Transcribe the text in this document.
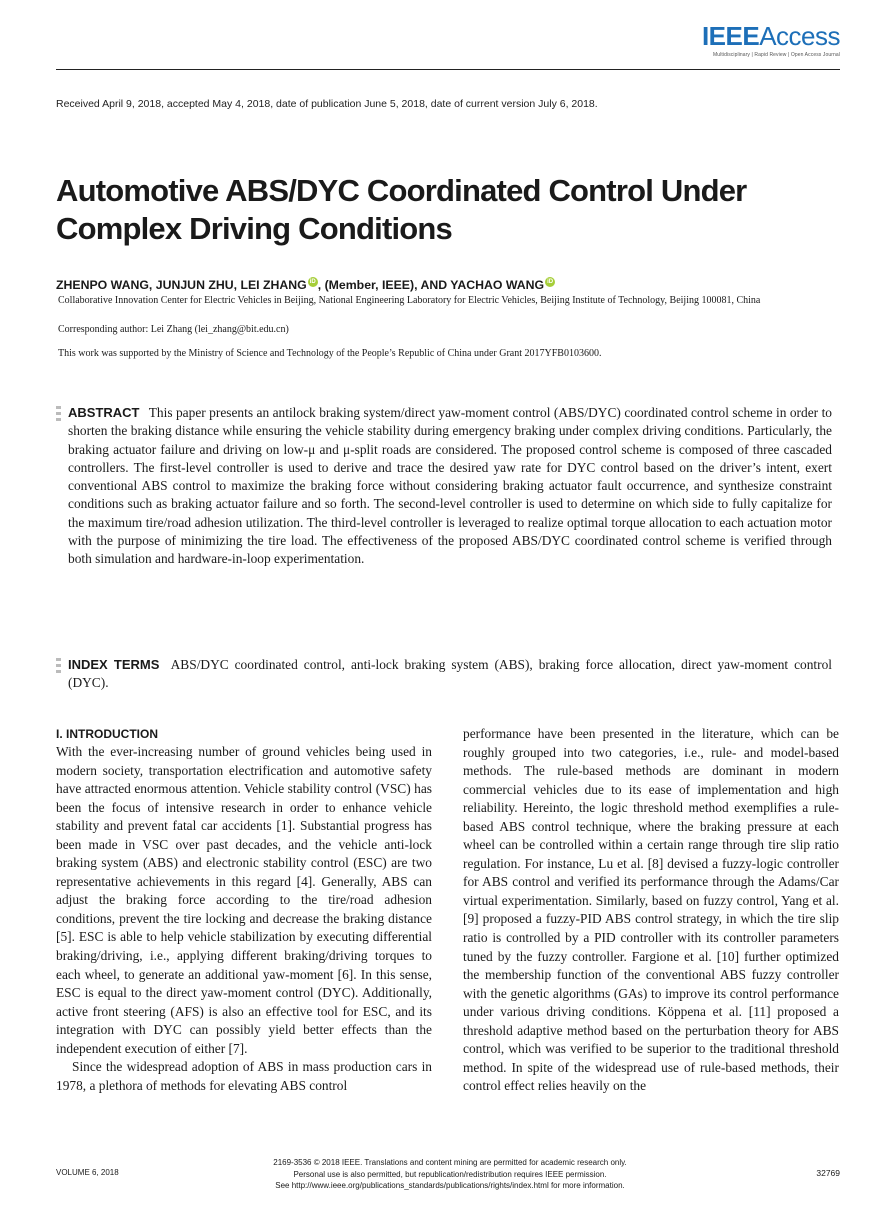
IEEEAccess
Multidisciplinary | Rapid Review | Open Access Journal
Received April 9, 2018, accepted May 4, 2018, date of publication June 5, 2018, date of current version July 6, 2018.
Automotive ABS/DYC Coordinated Control Under Complex Driving Conditions
ZHENPO WANG, JUNJUN ZHU, LEI ZHANG iD , (Member, IEEE), AND YACHAO WANG iD
Collaborative Innovation Center for Electric Vehicles in Beijing, National Engineering Laboratory for Electric Vehicles, Beijing Institute of Technology, Beijing 100081, China
Corresponding author: Lei Zhang (lei_zhang@bit.edu.cn)
This work was supported by the Ministry of Science and Technology of the People’s Republic of China under Grant 2017YFB0103600.
ABSTRACT This paper presents an antilock braking system/direct yaw-moment control (ABS/DYC) coordinated control scheme in order to shorten the braking distance while ensuring the vehicle stability during emergency braking under complex driving conditions. Particularly, the braking actuator failure and driving on low-μ and μ-split roads are considered. The proposed control scheme is composed of three cascaded controllers. The first-level controller is used to derive and trace the desired yaw rate for DYC control based on the driver’s intent, exert conventional ABS control to maximize the braking force without considering braking actuator fault occurrence, and synthesize constraint conditions such as braking actuator failure and so forth. The second-level controller is used to determine on which side to fully capitalize for the maximum tire/road adhesion utilization. The third-level controller is leveraged to realize optimal torque allocation to each actuation motor with the purpose of minimizing the tire load. The effectiveness of the proposed ABS/DYC coordinated control scheme is verified through both simulation and hardware-in-loop experimentation.
INDEX TERMS ABS/DYC coordinated control, anti-lock braking system (ABS), braking force allocation, direct yaw-moment control (DYC).
I. INTRODUCTION

With the ever-increasing number of ground vehicles being used in modern society, transportation electrification and automotive safety have attracted enormous attention. Vehicle stability control (VSC) has been the focus of intensive research in order to enhance vehicle stability and prevent fatal car accidents [1]. Substantial progress has been made in VSC over past decades, and the vehicle anti-lock braking system (ABS) and electronic stability control (ESC) are two representative achievements in this regard [4]. Generally, ABS can adjust the braking force according to the tire/road adhesion conditions, prevent the tire locking and decrease the braking distance [5]. ESC is able to help vehicle stabilization by executing differential braking/driving, i.e., applying different braking/driving torques to each wheel, to generate an additional yaw-moment [6]. In this sense, ESC is equal to the direct yaw-moment control (DYC). Additionally, active front steering (AFS) is also an effective tool for ESC, and its integration with DYC can possibly yield better effects than the independent execution of either [7].

Since the widespread adoption of ABS in mass production cars in 1978, a plethora of methods for elevating ABS control

performance have been presented in the literature, which can be roughly grouped into two categories, i.e., rule- and model-based methods. The rule-based methods are dominant in modern commercial vehicles due to its ease of implementation and high reliability. Hereinto, the logic threshold method exemplifies a rule-based ABS control technique, where the braking pressure at each wheel can be controlled within a certain range through tire slip ratio regulation. For instance, Lu et al. [8] devised a fuzzy-logic controller for ABS control and verified its performance through the Adams/Car virtual experimentation. Similarly, based on fuzzy control, Yang et al. [9] proposed a fuzzy-PID ABS control strategy, in which the tire slip ratio is controlled by a PID controller with its controller parameters tuned by the fuzzy controller. Fargione et al. [10] further optimized the membership function of the conventional ABS fuzzy controller with the genetic algorithms (GAs) to improve its control performance under various driving conditions. Köppena et al. [11] proposed a threshold adaptive method based on the perturbation theory for ABS control, which was verified to be superior to the traditional threshold method. In spite of the widespread use of rule-based methods, their control effect relies heavily on the

VOLUME 6, 2018
2169-3536 © 2018 IEEE. Translations and content mining are permitted for academic research only.
Personal use is also permitted, but republication/redistribution requires IEEE permission.
See http://www.ieee.org/publications_standards/publications/rights/index.html for more information.
32769
